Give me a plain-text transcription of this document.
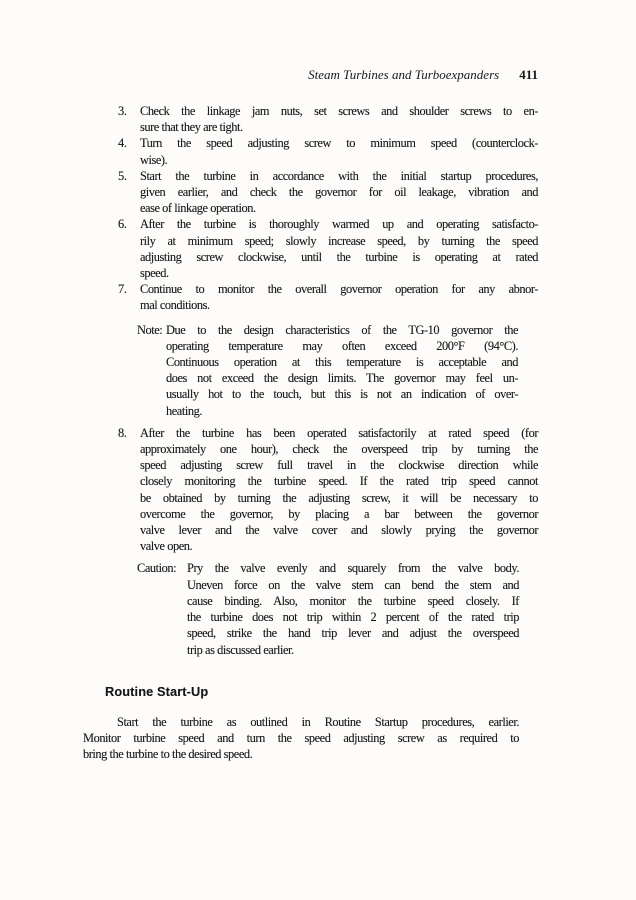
Steam Turbines and Turboexpanders 411
3.	Check the linkage jam nuts, set screws and shoulder screws to en-
sure that they are tight.
4.	Turn the speed adjusting screw to minimum speed (counterclock-
wise).
5.	Start the turbine in accordance with the initial startup procedures,
given earlier, and check the governor for oil leakage, vibration and
ease of linkage operation.
6.	After the turbine is thoroughly warmed up and operating satisfacto-
rily at minimum speed; slowly increase speed, by turning the speed
adjusting screw clockwise, until the turbine is operating at rated
speed.
7.	Continue to monitor the overall governor operation for any abnor-
mal conditions.
Note: Due to the design characteristics of the TG-10 governor the
operating temperature may often exceed 200°F (94°C).
Continuous operation at this temperature is acceptable and
does not exceed the design limits. The governor may feel un-
usually hot to the touch, but this is not an indication of over-
heating.
8.	After the turbine has been operated satisfactorily at rated speed (for
approximately one hour), check the overspeed trip by turning the
speed adjusting screw full travel in the clockwise direction while
closely monitoring the turbine speed. If the rated trip speed cannot
be obtained by turning the adjusting screw, it will be necessary to
overcome the governor, by placing a bar between the governor
valve lever and the valve cover and slowly prying the governor
valve open.
Caution: Pry the valve evenly and squarely from the valve body.
Uneven force on the valve stem can bend the stem and
cause binding. Also, monitor the turbine speed closely. If
the turbine does not trip within 2 percent of the rated trip
speed, strike the hand trip lever and adjust the overspeed
trip as discussed earlier.
Routine Start-Up
Start the turbine as outlined in Routine Startup procedures, earlier.
Monitor turbine speed and turn the speed adjusting screw as required to
bring the turbine to the desired speed.
